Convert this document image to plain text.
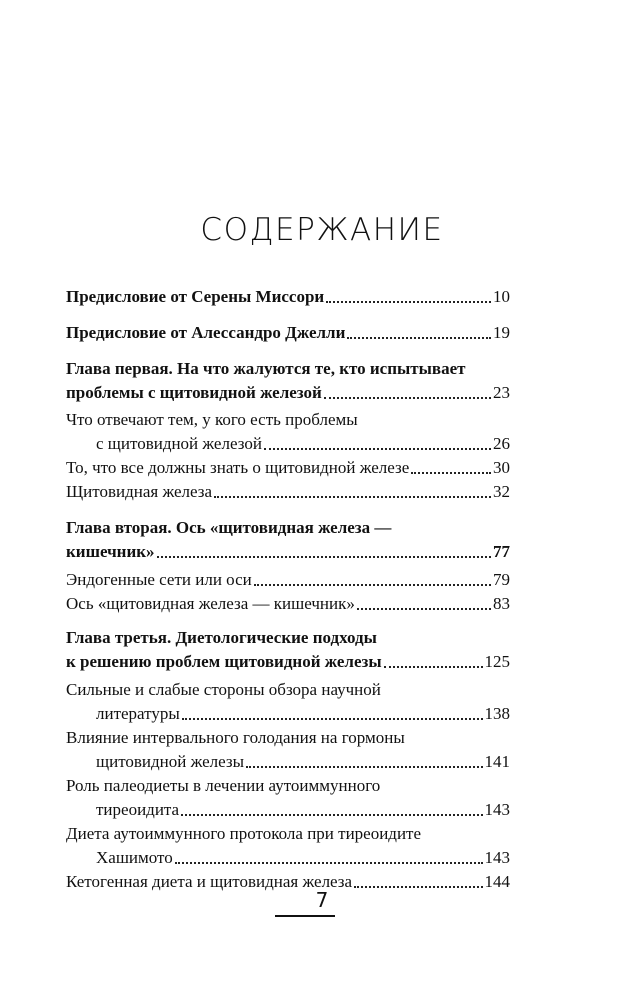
СОДЕРЖАНИЕ
Предисловие от Серены Миссори	10
Предисловие от Алессандро Джелли	19
Глава первая. На что жалуются те, кто испытывает
проблемы с щитовидной железой	23
Что отвечают тем, у кого есть проблемы
с щитовидной железой	26
То, что все должны знать о щитовидной железе	30
Щитовидная железа	32
Глава вторая. Ось «щитовидная железа —
кишечник»	77
Эндогенные сети или оси	79
Ось «щитовидная железа — кишечник»	83
Глава третья. Диетологические подходы
к решению проблем щитовидной железы	125
Сильные и слабые стороны обзора научной
литературы	138
Влияние интервального голодания на гормоны
щитовидной железы	141
Роль палеодиеты в лечении аутоиммунного
тиреоидита	143
Диета аутоиммунного протокола при тиреоидите
Хашимото	143
Кетогенная диета и щитовидная железа	144
7
